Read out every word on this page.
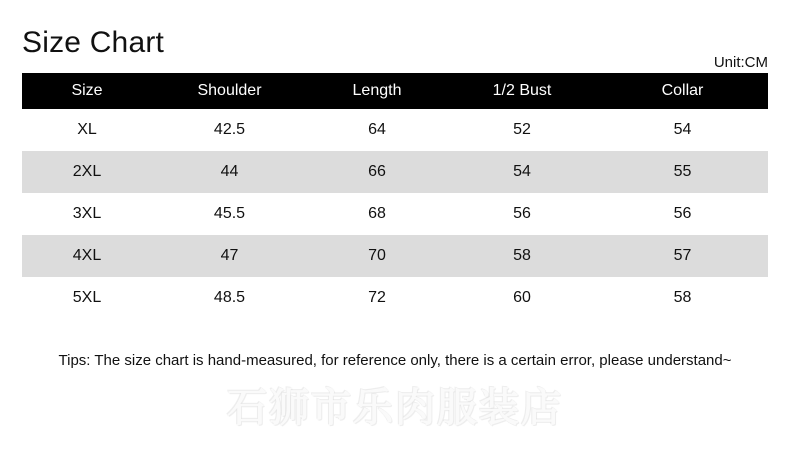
Size Chart
Unit:CM
Size	Shoulder	Length	1/2 Bust	Collar
XL	42.5	64	52	54
2XL	44	66	54	55
3XL	45.5	68	56	56
4XL	47	70	58	57
5XL	48.5	72	60	58
Tips: The size chart is hand-measured, for reference only, there is a certain error, please understand~
石狮市乐肉服装店
